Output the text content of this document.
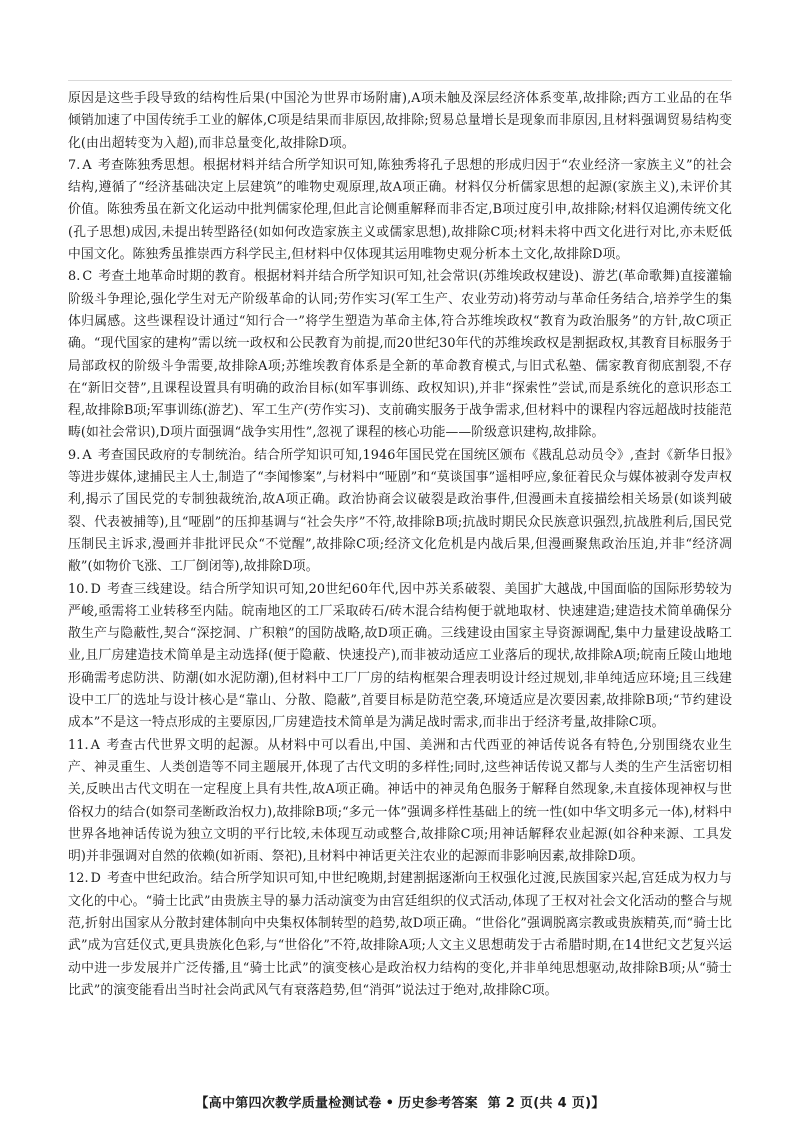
原因是这些手段导致的结构性后果(中国沦为世界市场附庸),A项未触及深层经济体系变革,故排除;西方工业品的在华倾销加速了中国传统手工业的解体,C项是结果而非原因,故排除;贸易总量增长是现象而非原因,且材料强调贸易结构变化(由出超转变为入超),而非总量变化,故排除D项。

7. A 考查陈独秀思想。根据材料并结合所学知识可知,陈独秀将孔子思想的形成归因于“农业经济一家族主义”的社会结构,遵循了“经济基础决定上层建筑”的唯物史观原理,故A项正确。材料仅分析儒家思想的起源(家族主义),未评价其价值。陈独秀虽在新文化运动中批判儒家伦理,但此言论侧重解释而非否定,B项过度引申,故排除;材料仅追溯传统文化(孔子思想)成因,未提出转型路径(如如何改造家族主义或儒家思想),故排除C项;材料未将中西文化进行对比,亦未贬低中国文化。陈独秀虽推崇西方科学民主,但材料中仅体现其运用唯物史观分析本土文化,故排除D项。

8. C 考查土地革命时期的教育。根据材料并结合所学知识可知,社会常识(苏维埃政权建设)、游艺(革命歌舞)直接灌输阶级斗争理论,强化学生对无产阶级革命的认同;劳作实习(军工生产、农业劳动)将劳动与革命任务结合,培养学生的集体归属感。这些课程设计通过“知行合一”将学生塑造为革命主体,符合苏维埃政权“教育为政治服务”的方针,故C项正确。“现代国家的建构”需以统一政权和公民教育为前提,而20世纪30年代的苏维埃政权是割据政权,其教育目标服务于局部政权的阶级斗争需要,故排除A项;苏维埃教育体系是全新的革命教育模式,与旧式私塾、儒家教育彻底割裂,不存在“新旧交替”,且课程设置具有明确的政治目标(如军事训练、政权知识),并非“探索性”尝试,而是系统化的意识形态工程,故排除B项;军事训练(游艺)、军工生产(劳作实习)、支前确实服务于战争需求,但材料中的课程内容远超战时技能范畴(如社会常识),D项片面强调“战争实用性”,忽视了课程的核心功能——阶级意识建构,故排除。

9. A 考查国民政府的专制统治。结合所学知识可知,1946年国民党在国统区颁布《戡乱总动员令》,查封《新华日报》等进步媒体,逮捕民主人士,制造了“李闻惨案”,与材料中“哑剧”和“莫谈国事”遥相呼应,象征着民众与媒体被剥夺发声权利,揭示了国民党的专制独裁统治,故A项正确。政治协商会议破裂是政治事件,但漫画未直接描绘相关场景(如谈判破裂、代表被捕等),且“哑剧”的压抑基调与“社会失序”不符,故排除B项;抗战时期民众民族意识强烈,抗战胜利后,国民党压制民主诉求,漫画并非批评民众“不觉醒”,故排除C项;经济文化危机是内战后果,但漫画聚焦政治压迫,并非“经济凋敝”(如物价飞涨、工厂倒闭等),故排除D项。

10. D 考查三线建设。结合所学知识可知,20世纪60年代,因中苏关系破裂、美国扩大越战,中国面临的国际形势较为严峻,亟需将工业转移至内陆。皖南地区的工厂采取砖石/砖木混合结构便于就地取材、快速建造;建造技术简单确保分散生产与隐蔽性,契合“深挖洞、广积粮”的国防战略,故D项正确。三线建设由国家主导资源调配,集中力量建设战略工业,且厂房建造技术简单是主动选择(便于隐蔽、快速投产),而非被动适应工业落后的现状,故排除A项;皖南丘陵山地地形确需考虑防洪、防潮(如水泥防潮),但材料中工厂厂房的结构框架合理表明设计经过规划,非单纯适应环境;且三线建设中工厂的选址与设计核心是“靠山、分散、隐蔽”,首要目标是防范空袭,环境适应是次要因素,故排除B项;“节约建设成本”不是这一特点形成的主要原因,厂房建造技术简单是为满足战时需求,而非出于经济考量,故排除C项。

11. A 考查古代世界文明的起源。从材料中可以看出,中国、美洲和古代西亚的神话传说各有特色,分别围绕农业生产、神灵重生、人类创造等不同主题展开,体现了古代文明的多样性;同时,这些神话传说又都与人类的生产生活密切相关,反映出古代文明在一定程度上具有共性,故A项正确。神话中的神灵角色服务于解释自然现象,未直接体现神权与世俗权力的结合(如祭司垄断政治权力),故排除B项;“多元一体”强调多样性基础上的统一性(如中华文明多元一体),材料中世界各地神话传说为独立文明的平行比较,未体现互动或整合,故排除C项;用神话解释农业起源(如谷种来源、工具发明)并非强调对自然的依赖(如祈雨、祭祀),且材料中神话更关注农业的起源而非影响因素,故排除D项。

12. D 考查中世纪政治。结合所学知识可知,中世纪晚期,封建割据逐渐向王权强化过渡,民族国家兴起,宫廷成为权力与文化的中心。“骑士比武”由贵族主导的暴力活动演变为由宫廷组织的仪式活动,体现了王权对社会文化活动的整合与规范,折射出国家从分散封建体制向中央集权体制转型的趋势,故D项正确。“世俗化”强调脱离宗教或贵族精英,而“骑士比武”成为宫廷仪式,更具贵族化色彩,与“世俗化”不符,故排除A项;人文主义思想萌发于古希腊时期,在14世纪文艺复兴运动中进一步发展并广泛传播,且“骑士比武”的演变核心是政治权力结构的变化,并非单纯思想驱动,故排除B项;从“骑士比武”的演变能看出当时社会尚武风气有衰落趋势,但“消弭”说法过于绝对,故排除C项。

【高中第四次教学质量检测试卷 • 历史参考答案 第 2 页(共 4 页)】
